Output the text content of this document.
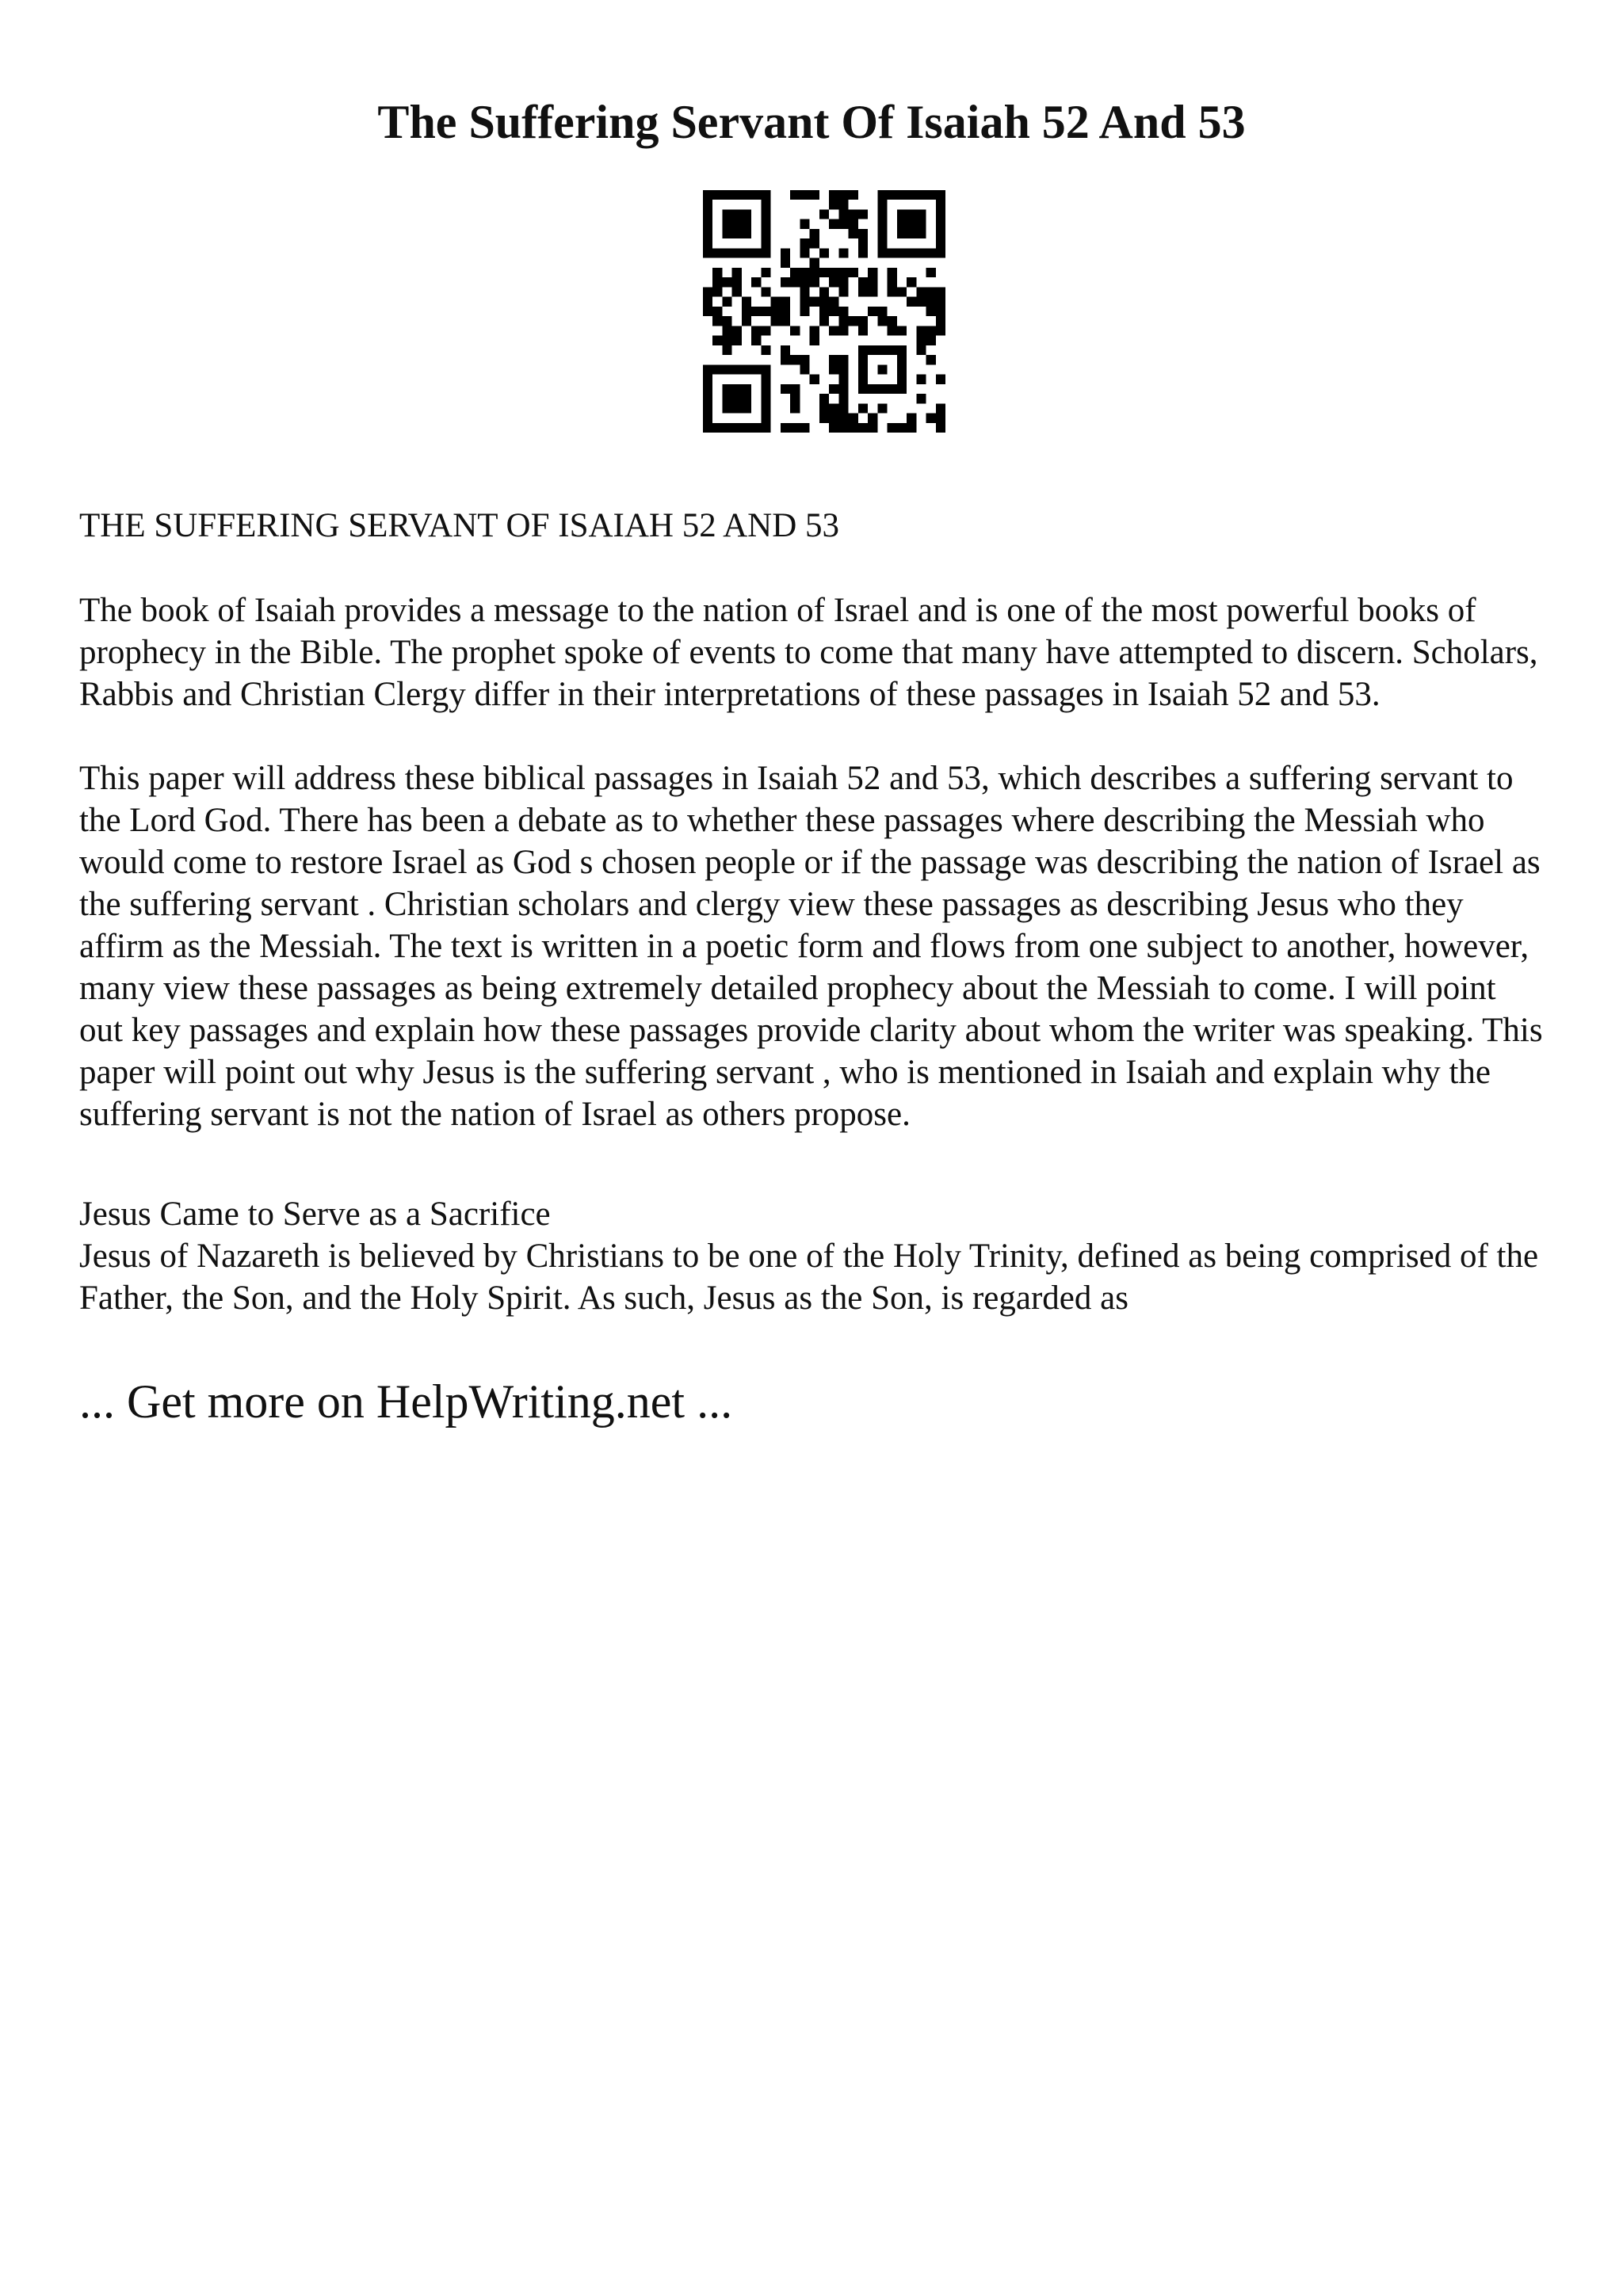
The Suffering Servant Of Isaiah 52 And 53

THE SUFFERING SERVANT OF ISAIAH 52 AND 53

The book of Isaiah provides a message to the nation of Israel and is one of the most powerful books of prophecy in the Bible. The prophet spoke of events to come that many have attempted to discern. Scholars, Rabbis and Christian Clergy differ in their interpretations of these passages in Isaiah 52 and 53.

This paper will address these biblical passages in Isaiah 52 and 53, which describes a suffering servant to the Lord God. There has been a debate as to whether these passages where describing the Messiah who would come to restore Israel as God s chosen people or if the passage was describing the nation of Israel as the suffering servant . Christian scholars and clergy view these passages as describing Jesus who they affirm as the Messiah. The text is written in a poetic form and flows from one subject to another, however, many view these passages as being extremely detailed prophecy about the Messiah to come. I will point out key passages and explain how these passages provide clarity about whom the writer was speaking. This paper will point out why Jesus is the suffering servant , who is mentioned in Isaiah and explain why the suffering servant is not the nation of Israel as others propose.

Jesus Came to Serve as a Sacrifice

Jesus of Nazareth is believed by Christians to be one of the Holy Trinity, defined as being comprised of the Father, the Son, and the Holy Spirit. As such, Jesus as the Son, is regarded as

... Get more on HelpWriting.net ...
